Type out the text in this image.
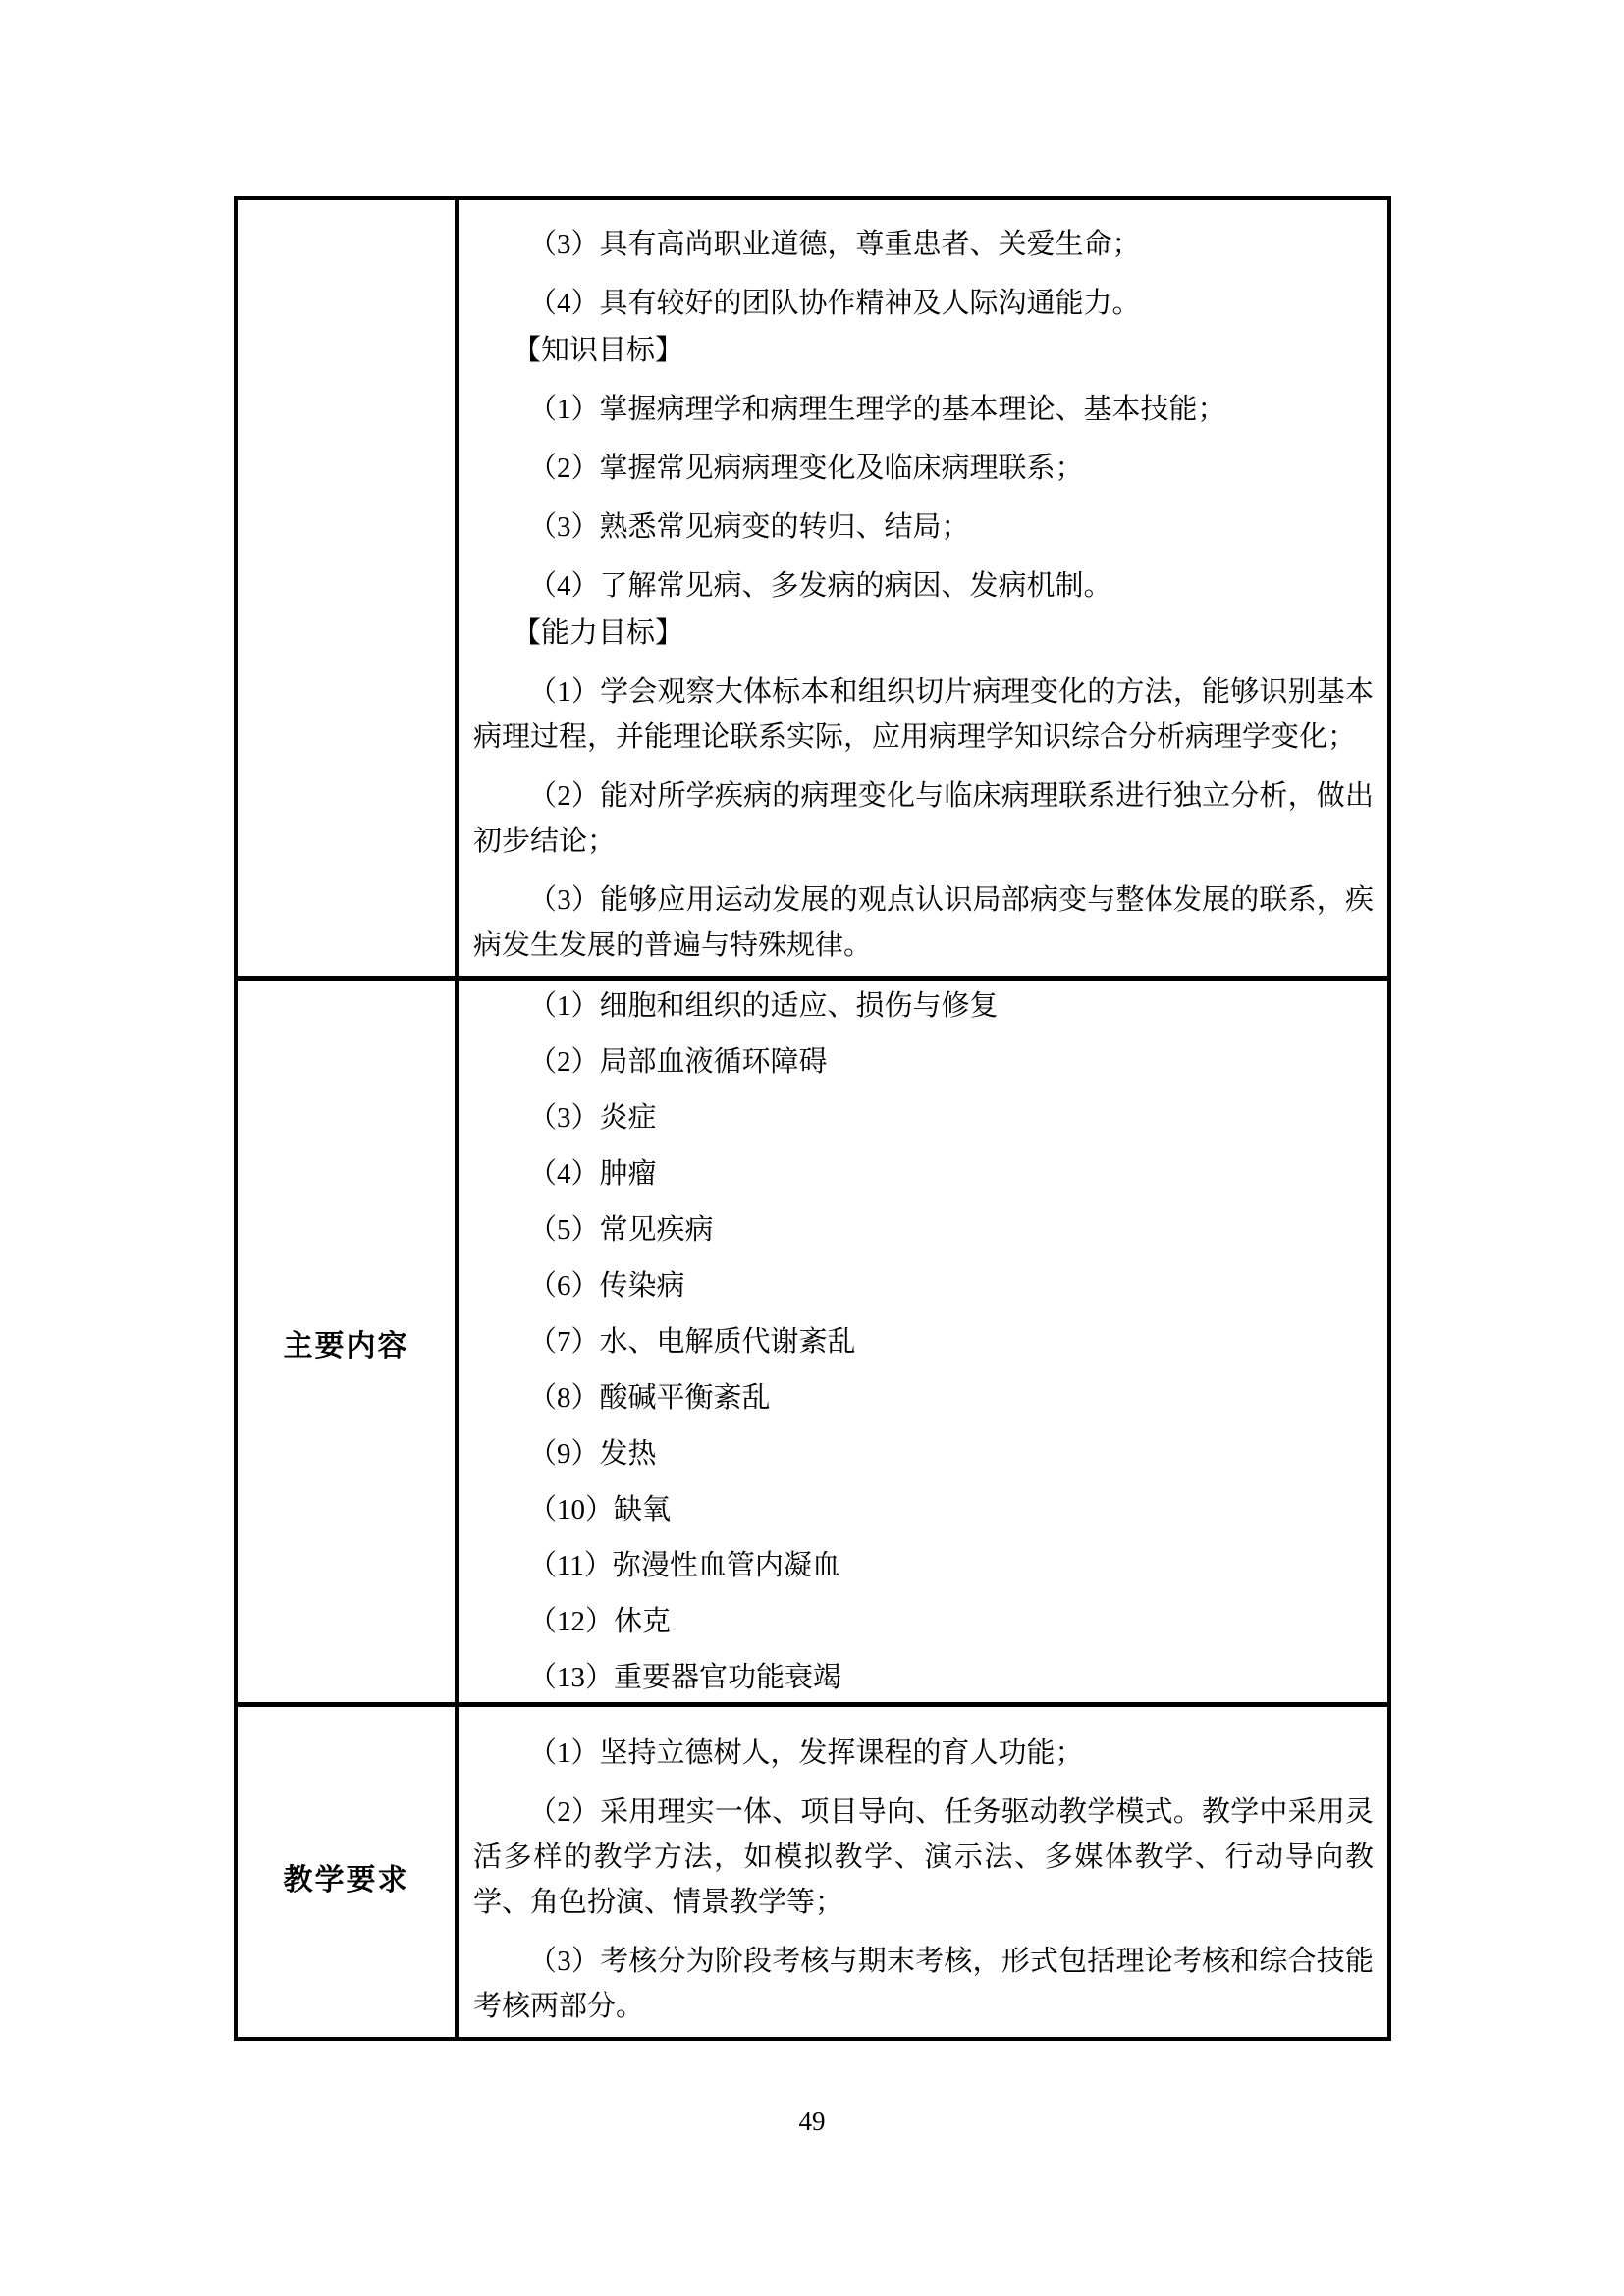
（3）具有高尚职业道德，尊重患者、关爱生命；

（4）具有较好的团队协作精神及人际沟通能力。

【知识目标】

（1）掌握病理学和病理生理学的基本理论、基本技能；

（2）掌握常见病病理变化及临床病理联系；

（3）熟悉常见病变的转归、结局；

（4）了解常见病、多发病的病因、发病机制。

【能力目标】

（1）学会观察大体标本和组织切片病理变化的方法，能够识别基本病理过程，并能理论联系实际，应用病理学知识综合分析病理学变化；

（2）能对所学疾病的病理变化与临床病理联系进行独立分析，做出初步结论；

（3）能够应用运动发展的观点认识局部病变与整体发展的联系，疾病发生发展的普遍与特殊规律。

主要内容

（1）细胞和组织的适应、损伤与修复

（2）局部血液循环障碍

（3）炎症

（4）肿瘤

（5）常见疾病

（6）传染病

（7）水、电解质代谢紊乱

（8）酸碱平衡紊乱

（9）发热

（10）缺氧

（11）弥漫性血管内凝血

（12）休克

（13）重要器官功能衰竭

教学要求

（1）坚持立德树人，发挥课程的育人功能；

（2）采用理实一体、项目导向、任务驱动教学模式。教学中采用灵活多样的教学方法，如模拟教学、演示法、多媒体教学、行动导向教学、角色扮演、情景教学等；

（3）考核分为阶段考核与期末考核，形式包括理论考核和综合技能考核两部分。

49
